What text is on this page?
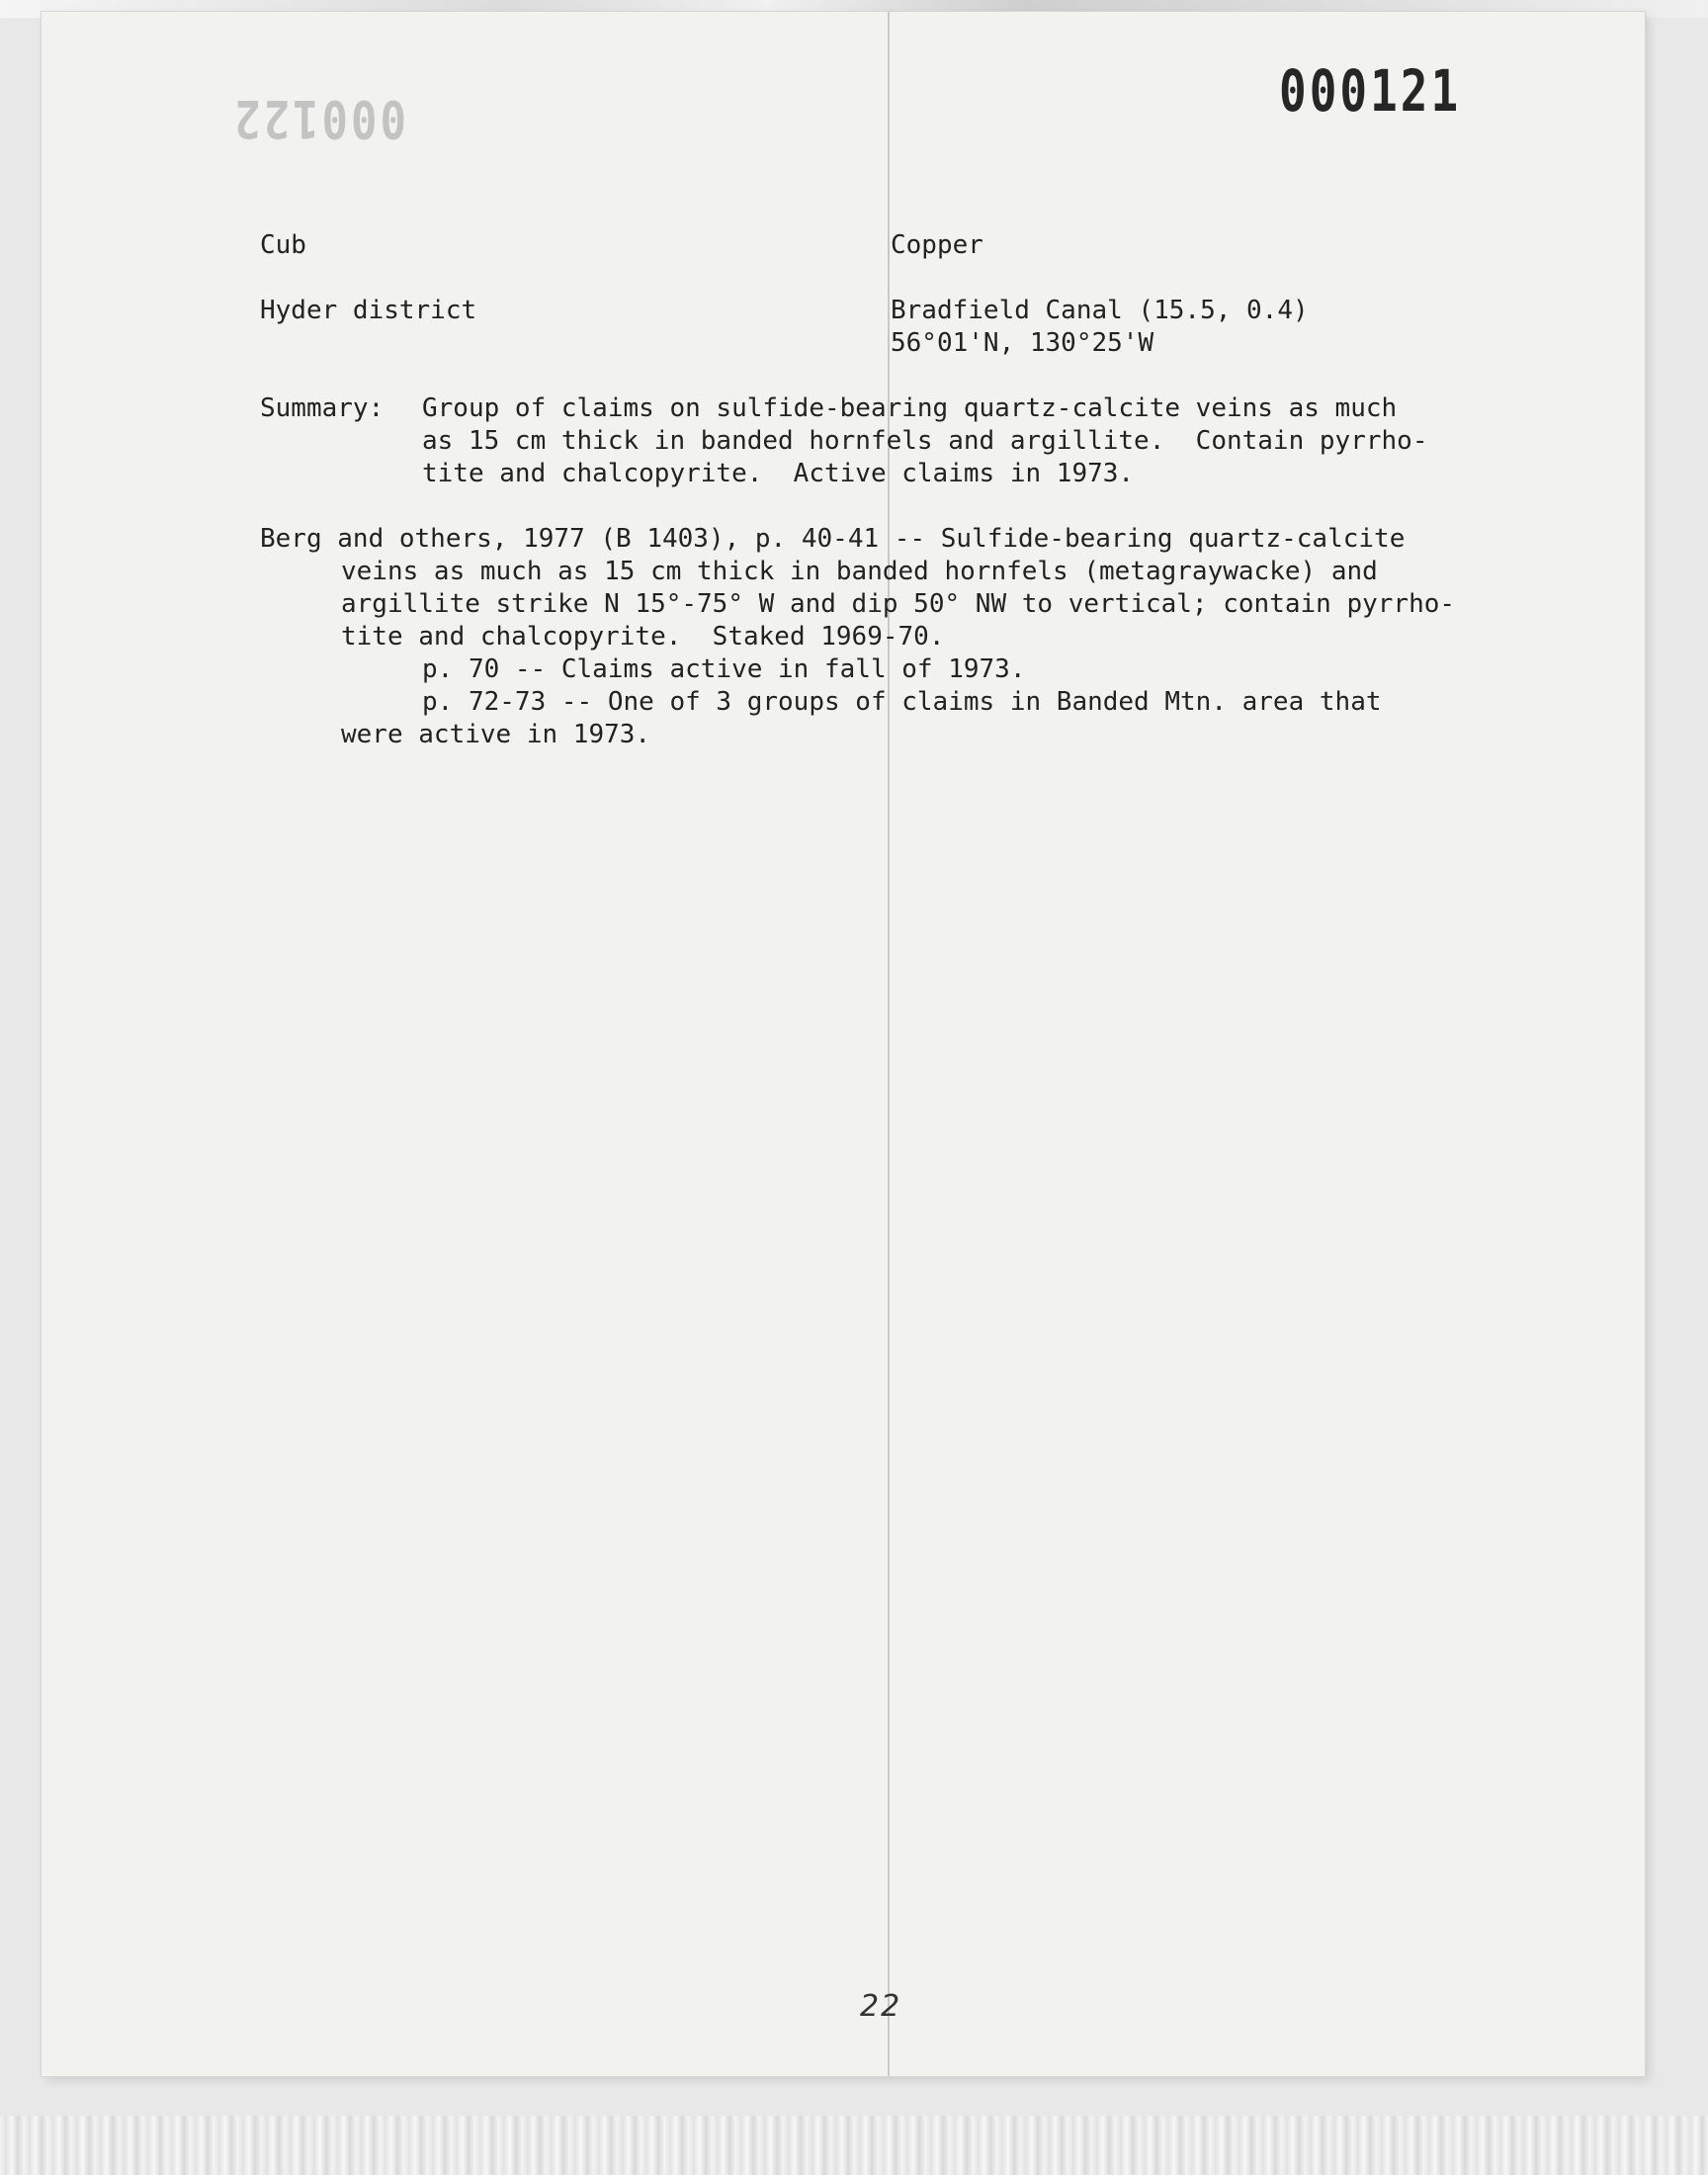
000122	000121
Cub	Copper
Hyder district	Bradfield Canal (15.5, 0.4)
56°01'N, 130°25'W
Summary: Group of claims on sulfide-bearing quartz-calcite veins as much
as 15 cm thick in banded hornfels and argillite.  Contain pyrrho-
tite and chalcopyrite.  Active claims in 1973.
Berg and others, 1977 (B 1403), p. 40-41 -- Sulfide-bearing quartz-calcite
veins as much as 15 cm thick in banded hornfels (metagraywacke) and
argillite strike N 15°-75° W and dip 50° NW to vertical; contain pyrrho-
tite and chalcopyrite.  Staked 1969-70.
p. 70 -- Claims active in fall of 1973.
p. 72-73 -- One of 3 groups of claims in Banded Mtn. area that
were active in 1973.
22
